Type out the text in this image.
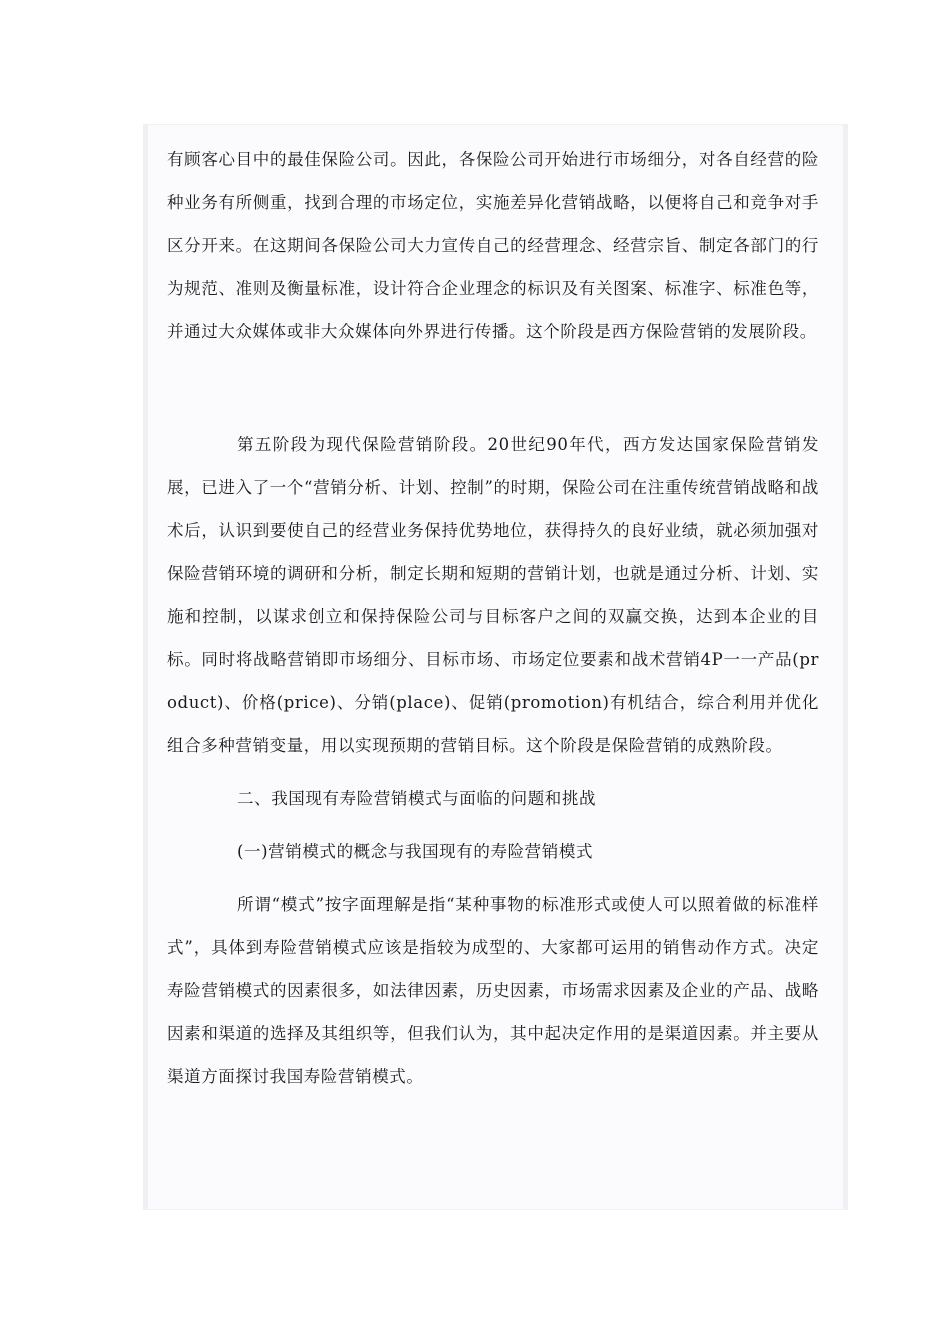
有顾客心目中的最佳保险公司。因此，各保险公司开始进行市场细分，对各自经营的险种业务有所侧重，找到合理的市场定位，实施差异化营销战略，以便将自己和竞争对手区分开来。在这期间各保险公司大力宣传自己的经营理念、经营宗旨、制定各部门的行为规范、准则及衡量标准，设计符合企业理念的标识及有关图案、标准字、标准色等，并通过大众媒体或非大众媒体向外界进行传播。这个阶段是西方保险营销的发展阶段。

第五阶段为现代保险营销阶段。20世纪90年代，西方发达国家保险营销发展，已进入了一个“营销分析、计划、控制”的时期，保险公司在注重传统营销战略和战术后，认识到要使自己的经营业务保持优势地位，获得持久的良好业绩，就必须加强对保险营销环境的调研和分析，制定长期和短期的营销计划，也就是通过分析、计划、实施和控制，以谋求创立和保持保险公司与目标客户之间的双赢交换，达到本企业的目标。同时将战略营销即市场细分、目标市场、市场定位要素和战术营销4P一一产品(product)、价格(price)、分销(place)、促销(promotion)有机结合，综合利用并优化组合多种营销变量，用以实现预期的营销目标。这个阶段是保险营销的成熟阶段。

二、我国现有寿险营销模式与面临的问题和挑战

(一)营销模式的概念与我国现有的寿险营销模式

所谓“模式”按字面理解是指“某种事物的标准形式或使人可以照着做的标准样式”，具体到寿险营销模式应该是指较为成型的、大家都可运用的销售动作方式。决定寿险营销模式的因素很多，如法律因素，历史因素，市场需求因素及企业的产品、战略因素和渠道的选择及其组织等，但我们认为，其中起决定作用的是渠道因素。并主要从渠道方面探讨我国寿险营销模式。
